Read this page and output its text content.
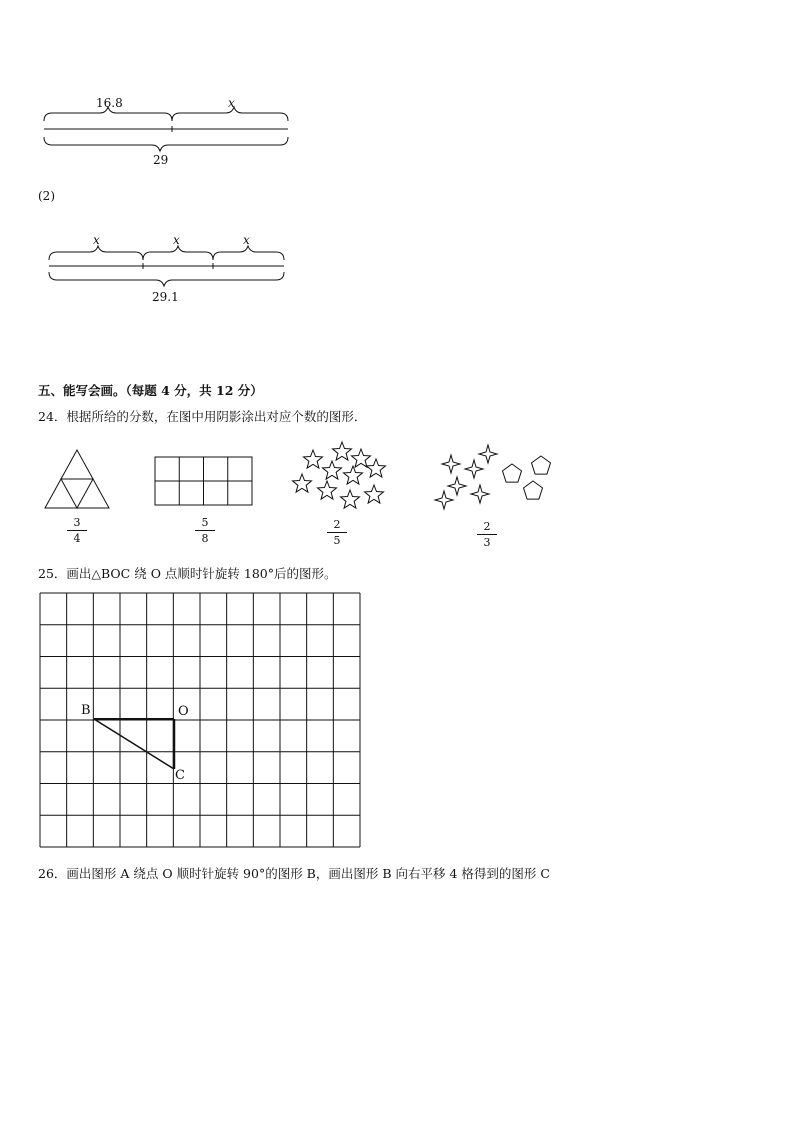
16.8	x
29
(2)
x	x	x
29.1
五、能写会画。（每题 4 分，共 12 分）
24．根据所给的分数，在图中用阴影涂出对应个数的图形．
3
4
5
8
2
5
2
3
25．画出△BOC 绕 O 点顺时针旋转 180°后的图形。
B	O
C
26．画出图形 A 绕点 O 顺时针旋转 90°的图形 B，画出图形 B 向右平移 4 格得到的图形 C
